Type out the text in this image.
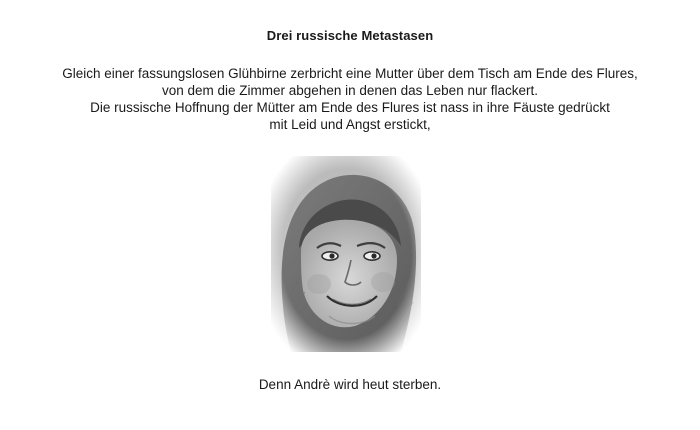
Drei russische Metastasen
Gleich einer fassungslosen Glühbirne zerbricht eine Mutter über dem Tisch am Ende des Flures,
von dem die Zimmer abgehen in denen das Leben nur flackert.
Die russische Hoffnung der Mütter am Ende des Flures ist nass in ihre Fäuste gedrückt
mit Leid und Angst erstickt,
Denn Andrè wird heut sterben.
